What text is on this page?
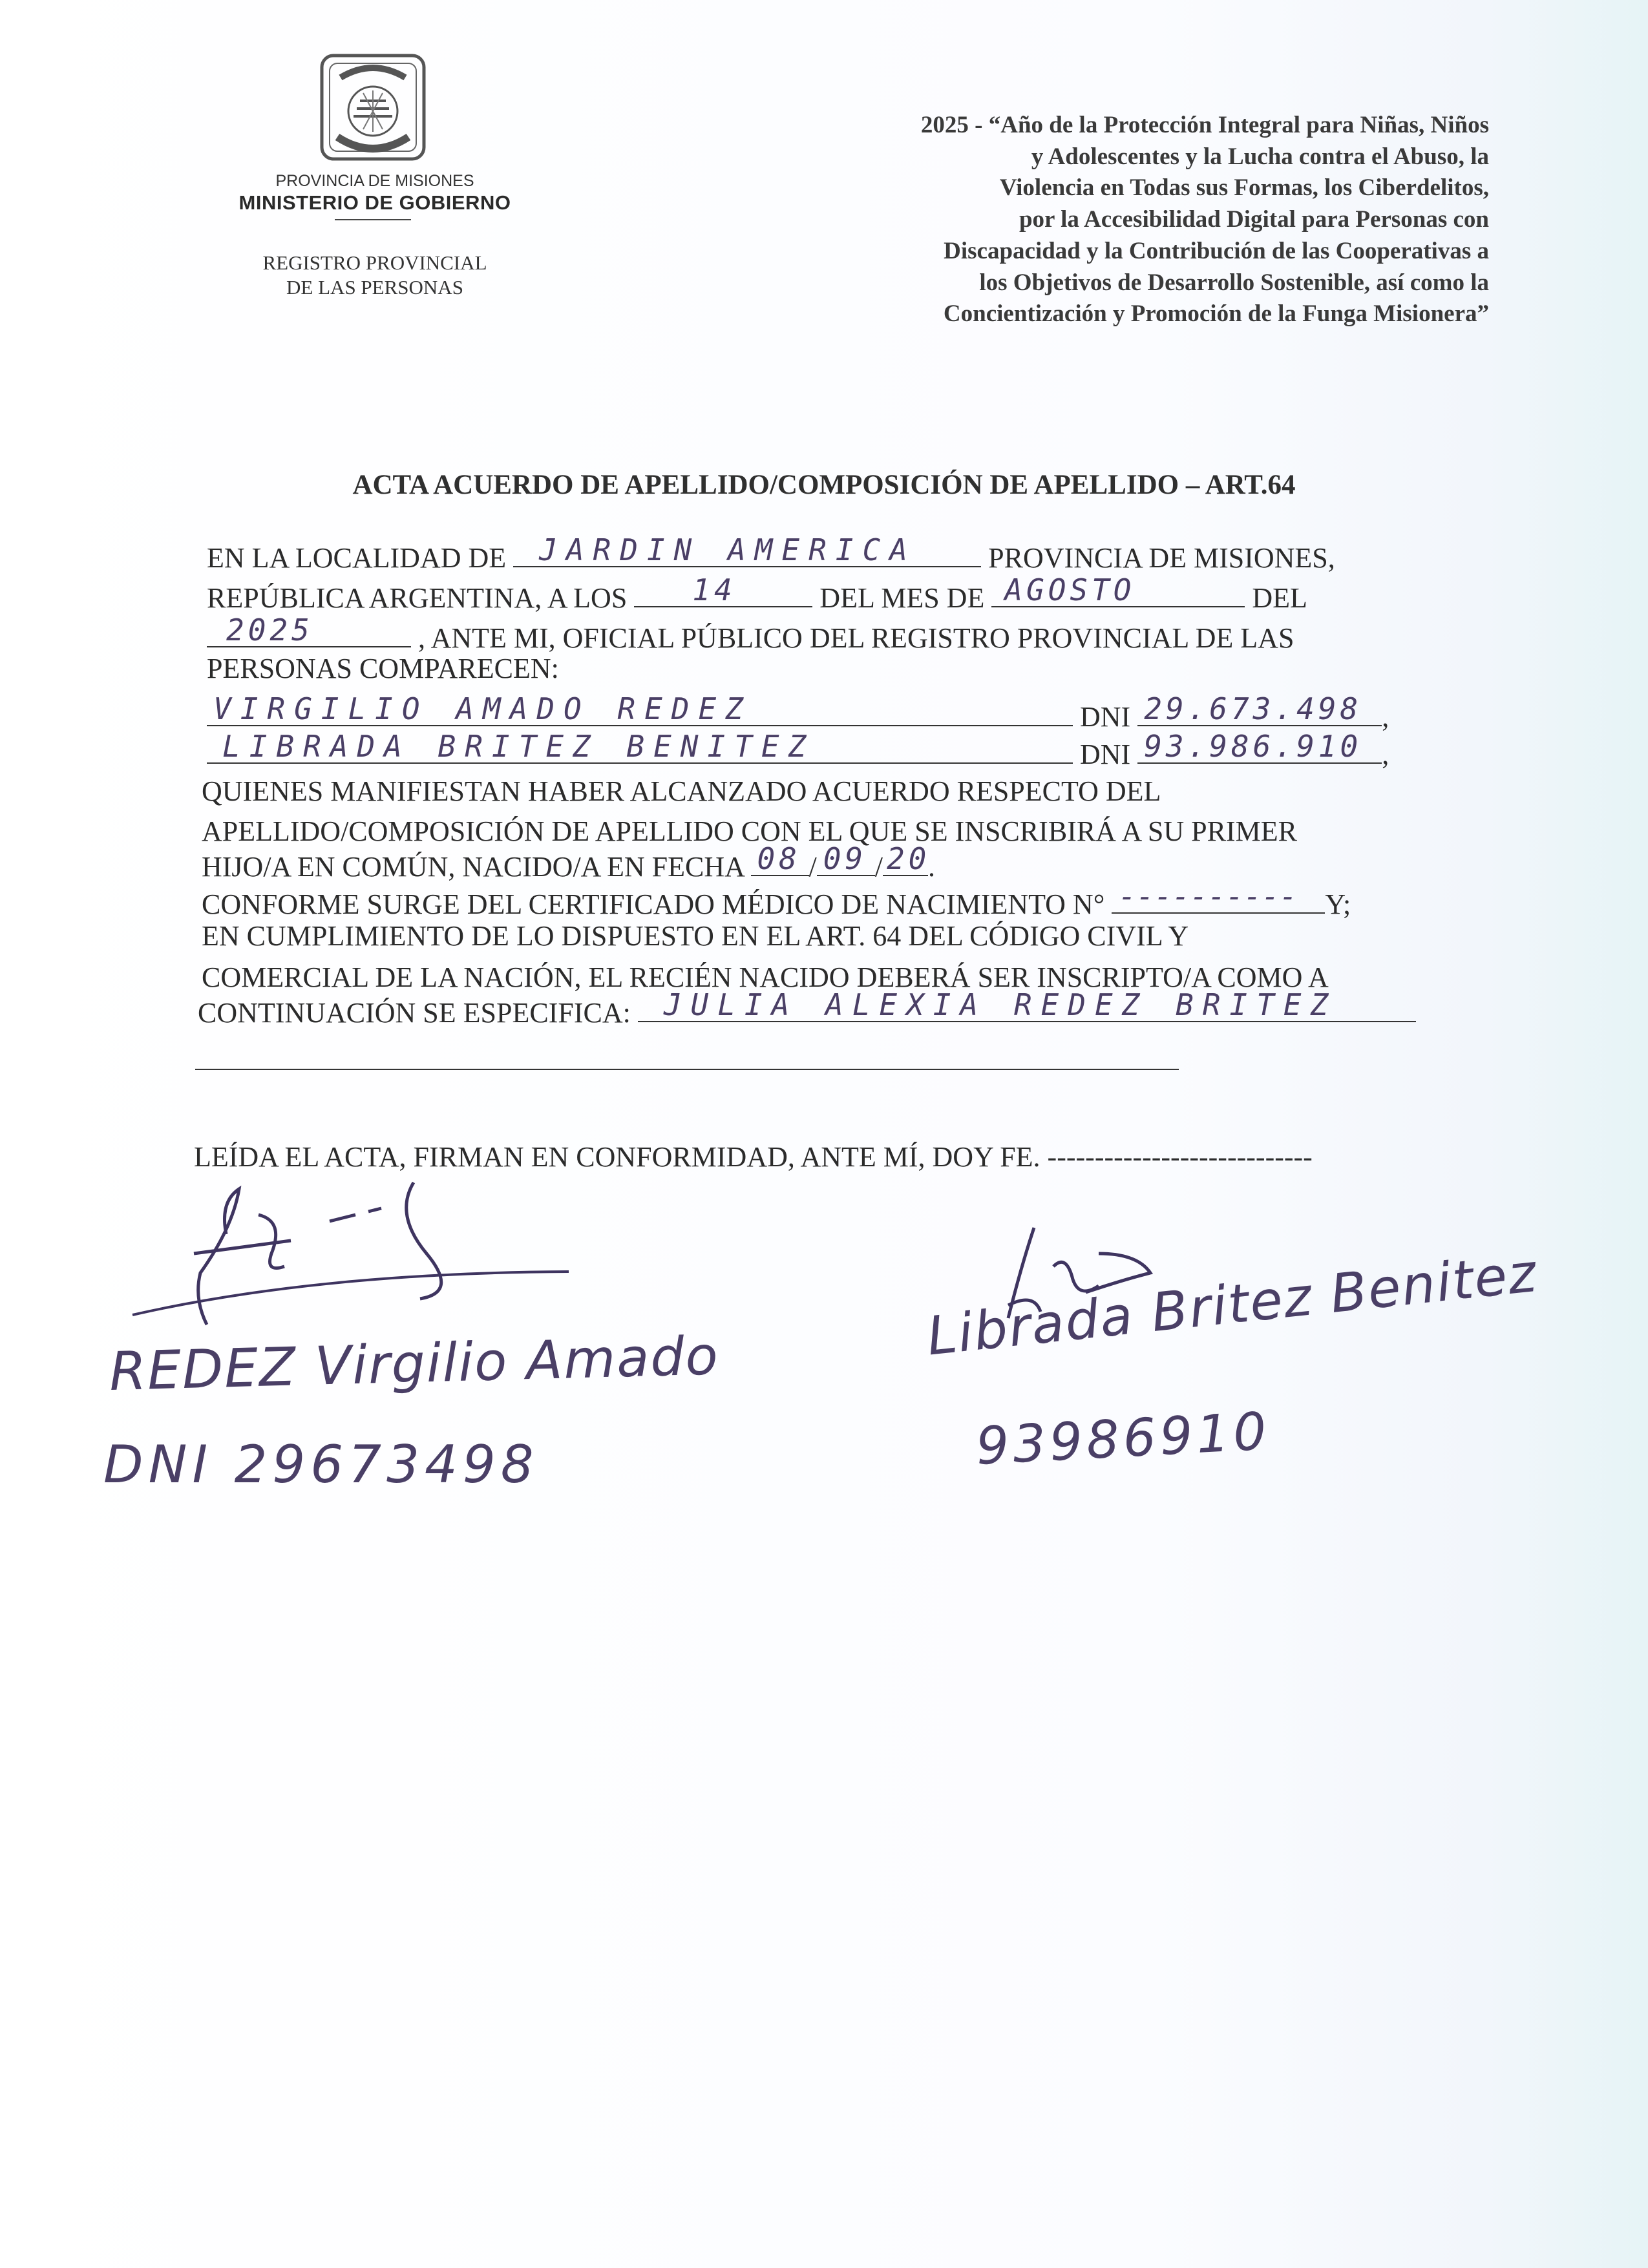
PROVINCIA DE MISIONES
MINISTERIO DE GOBIERNO
REGISTRO PROVINCIAL
DE LAS PERSONAS
2025 - “Año de la Protección Integral para Niñas, Niños
y Adolescentes y la Lucha contra el Abuso, la
Violencia en Todas sus Formas, los Ciberdelitos,
por la Accesibilidad Digital para Personas con
Discapacidad y la Contribución de las Cooperativas a
los Objetivos de Desarrollo Sostenible, así como la
Concientización y Promoción de la Funga Misionera”
ACTA ACUERDO DE APELLIDO/COMPOSICIÓN DE APELLIDO – ART.64
EN LA LOCALIDAD DE JARDIN AMERICA	PROVINCIA DE MISIONES,
REPÚBLICA ARGENTINA, A LOS 14	DEL MES DE AGOSTO	DEL
2025	, ANTE MI, OFICIAL PÚBLICO DEL REGISTRO PROVINCIAL DE LAS
PERSONAS COMPARECEN:
VIRGILIO AMADO REDEZ	DNI 29.673.498 ,
LIBRADA BRITEZ BENITEZ	DNI 93.986.910 ,
QUIENES MANIFIESTAN HABER ALCANZADO ACUERDO RESPECTO DEL
APELLIDO/COMPOSICIÓN DE APELLIDO CON EL QUE SE INSCRIBIRÁ A SU PRIMER
HIJO/A EN COMÚN, NACIDO/A EN FECHA 08 / 09 / 20
.
CONFORME SURGE DEL CERTIFICADO MÉDICO DE NACIMIENTO N° ---------- Y;
EN CUMPLIMIENTO DE LO DISPUESTO EN EL ART. 64 DEL CÓDIGO CIVIL Y
COMERCIAL DE LA NACIÓN, EL RECIÉN NACIDO DEBERÁ SER INSCRIPTO/A COMO A
CONTINUACIÓN SE ESPECIFICA: JULIA ALEXIA REDEZ BRITEZ
LEÍDA EL ACTA, FIRMAN EN CONFORMIDAD, ANTE MÍ, DOY FE. ----------------------------
REDEZ Virgilio Amado
DNI 29673498
Librada Britez Benitez
93986910
